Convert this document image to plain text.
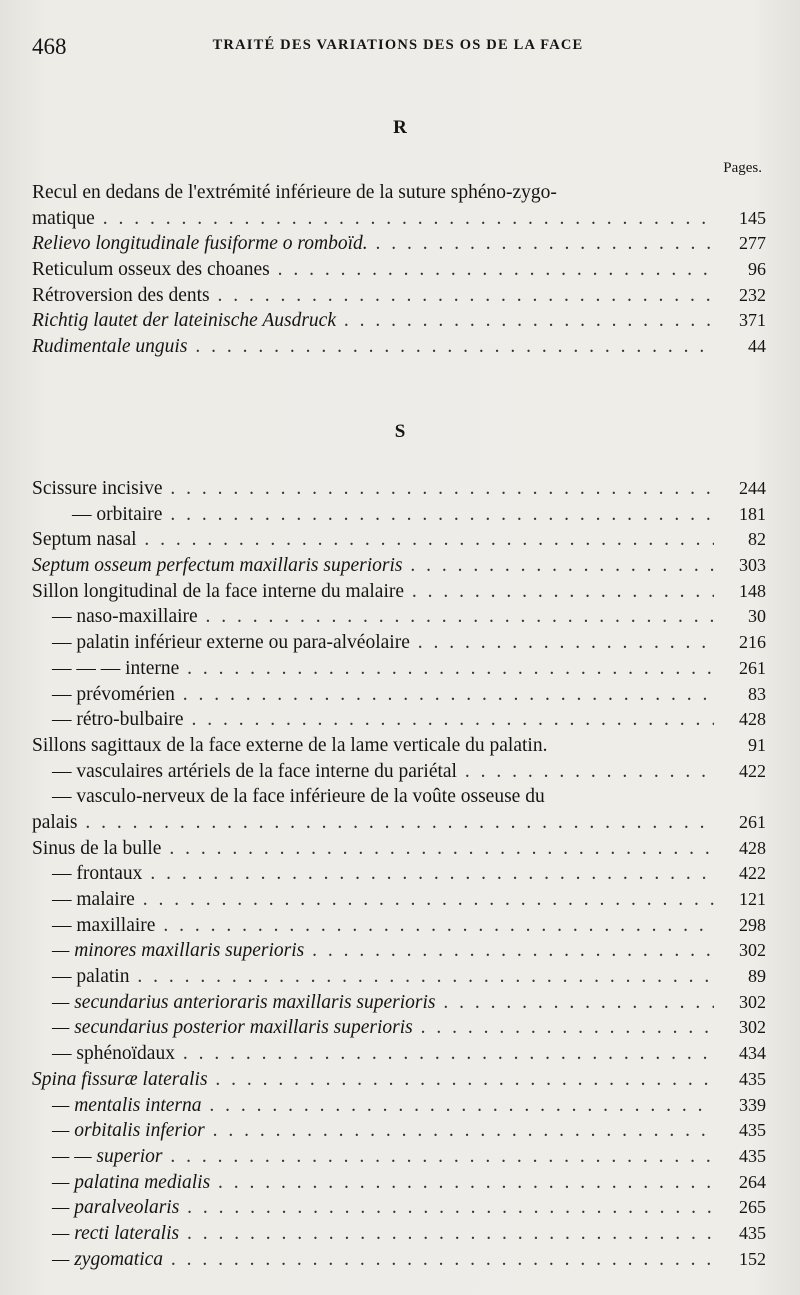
468	TRAITÉ DES VARIATIONS DES OS DE LA FACE
R
Pages.
Recul en dedans de l'extrémité inférieure de la suture sphéno-zygo-
matique . . .	145
Relievo longitudinale fusiforme o romboïd. . . .	277
Reticulum osseux des choanes . . .	96
Rétroversion des dents . . .	232
Richtig lautet der lateinische Ausdruck . . .	371
Rudimentale unguis . . .	44
S
Scissure incisive . . .	244
— orbitaire . . .	181
Septum nasal . . .	82
Septum osseum perfectum maxillaris superioris . . .	303
Sillon longitudinal de la face interne du malaire . . .	148
— naso-maxillaire . . .	30
— palatin inférieur externe ou para-alvéolaire . . .	216
— — — interne . . .	261
— prévomérien . . .	83
— rétro-bulbaire . . .	428
Sillons sagittaux de la face externe de la lame verticale du palatin.	91
— vasculaires artériels de la face interne du pariétal . . .	422
— vasculo-nerveux de la face inférieure de la voûte osseuse du
palais . . .	261
Sinus de la bulle . . .	428
— frontaux . . .	422
— malaire . . .	121
— maxillaire . . .	298
— minores maxillaris superioris . . .	302
— palatin . . .	89
— secundarius anterioraris maxillaris superioris . . .	302
— secundarius posterior maxillaris superioris . . .	302
— sphénoïdaux . . .	434
Spina fissuræ lateralis . . .	435
— mentalis interna . . .	339
— orbitalis inferior . . .	435
— — superior . . .	435
— palatina medialis . . .	264
— paralveolaris . . .	265
— recti lateralis . . .	435
— zygomatica . . .	152
